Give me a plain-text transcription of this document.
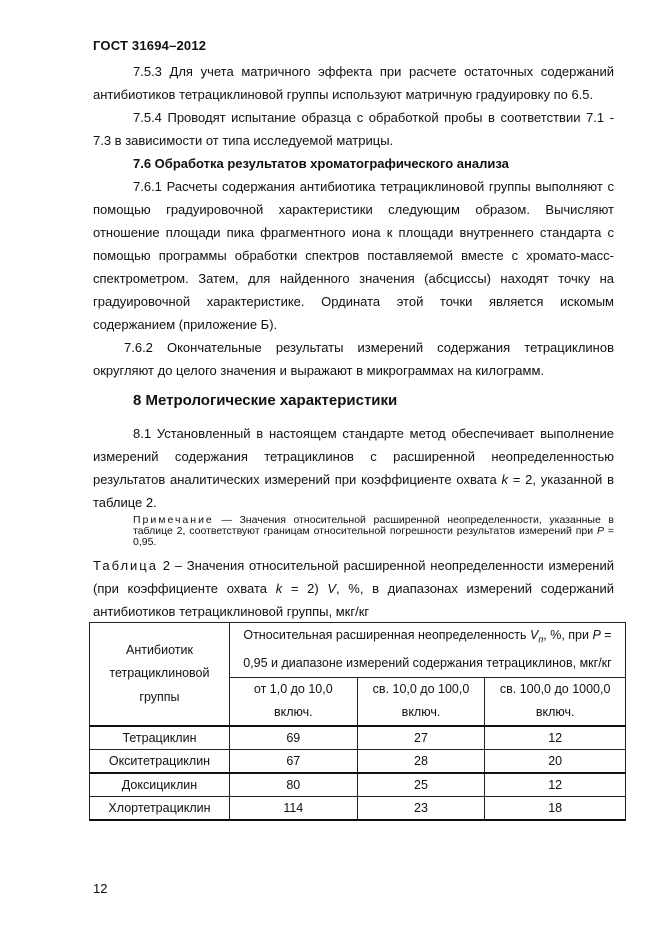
ГОСТ 31694–2012

7.5.3 Для учета матричного эффекта при расчете остаточных содержаний антибиотиков тетрациклиновой группы используют матричную градуировку по 6.5.

7.5.4 Проводят испытание образца с обработкой пробы в соответствии 7.1 - 7.3 в зависимости от типа исследуемой матрицы.

7.6 Обработка результатов хроматографического анализа

7.6.1 Расчеты содержания антибиотика тетрациклиновой группы выполняют с помощью градуировочной характеристики следующим образом. Вычисляют отношение площади пика фрагментного иона к площади внутреннего стандарта с помощью программы обработки спектров поставляемой вместе с хромато-масс-спектрометром. Затем, для найденного значения (абсциссы) находят точку на градуировочной характеристике. Ордината этой точки является искомым содержанием (приложение Б).

7.6.2 Окончательные результаты измерений содержания тетрациклинов округляют до целого значения и выражают в микрограммах на килограмм.

8 Метрологические характеристики

8.1 Установленный в настоящем стандарте метод обеспечивает выполнение измерений содержания тетрациклинов с расширенной неопределенностью результатов аналитических измерений при коэффициенте охвата k = 2, указанной в таблице 2.

Примечание — Значения относительной расширенной неопределенности, указанные в таблице 2, соответствуют границам относительной погрешности результатов измерений при P = 0,95.
Таблица 2 – Значения относительной расширенной неопределенности измерений (при коэффициенте охвата k = 2) V, %, в диапазонах измерений содержаний антибиотиков тетрациклиновой группы, мкг/кг
Антибиотик тетрациклиновой группы	Относительная расширенная неопределенность $V_п$, %, при P = 0,95 и диапазоне измерений содержания тетрациклинов, мкг/кг		
	от 1,0 до 10,0 включ.	св. 10,0 до 100,0 включ.	св. 100,0 до 1000,0 включ.
Тетрациклин	69	27	12
Окситетрациклин	67	28	20
Доксициклин	80	25	12
Хлортетрациклин	114	23	18
12
